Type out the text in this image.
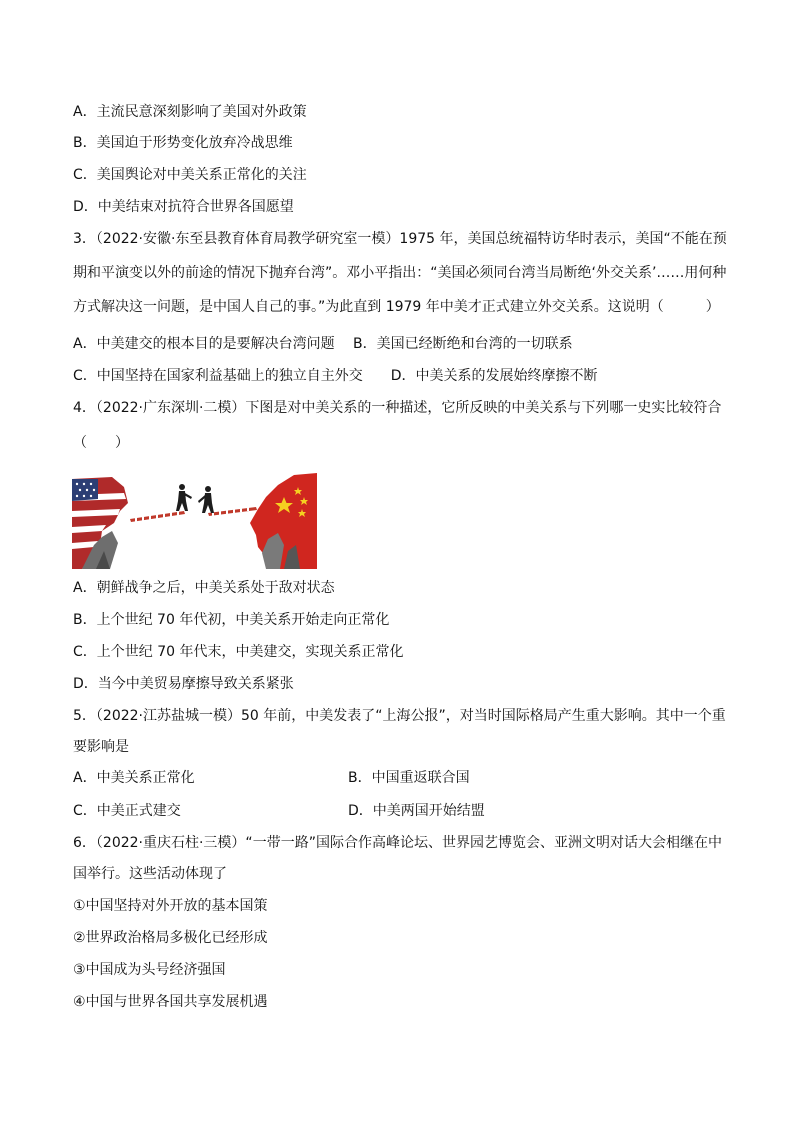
A．主流民意深刻影响了美国对外政策
B．美国迫于形势变化放弃冷战思维
C．美国舆论对中美关系正常化的关注
D．中美结束对抗符合世界各国愿望
3．（2022·安徽·东至县教育体育局教学研究室一模）1975 年，美国总统福特访华时表示，美国“不能在预
期和平演变以外的前途的情况下抛弃台湾”。邓小平指出：“美国必须同台湾当局断绝‘外交关系’……用何种
方式解决这一问题，是中国人自己的事。”为此直到 1979 年中美才正式建立外交关系。这说明（　　　）
A．中美建交的根本目的是要解决台湾问题　 B．美国已经断绝和台湾的一切联系
C．中国坚持在国家利益基础上的独立自主外交　　D．中美关系的发展始终摩擦不断
4．（2022·广东深圳·二模）下图是对中美关系的一种描述，它所反映的中美关系与下列哪一史实比较符合
（　　）
A．朝鲜战争之后，中美关系处于敌对状态
B．上个世纪 70 年代初，中美关系开始走向正常化
C．上个世纪 70 年代末，中美建交，实现关系正常化
D．当今中美贸易摩擦导致关系紧张
5．（2022·江苏盐城一模）50 年前，中美发表了“上海公报”，对当时国际格局产生重大影响。其中一个重
要影响是
A．中美关系正常化	B．中国重返联合国
C．中美正式建交	D．中美两国开始结盟
6．（2022·重庆石柱·三模）“一带一路”国际合作高峰论坛、世界园艺博览会、亚洲文明对话大会相继在中
国举行。这些活动体现了
①中国坚持对外开放的基本国策
②世界政治格局多极化已经形成
③中国成为头号经济强国
④中国与世界各国共享发展机遇
